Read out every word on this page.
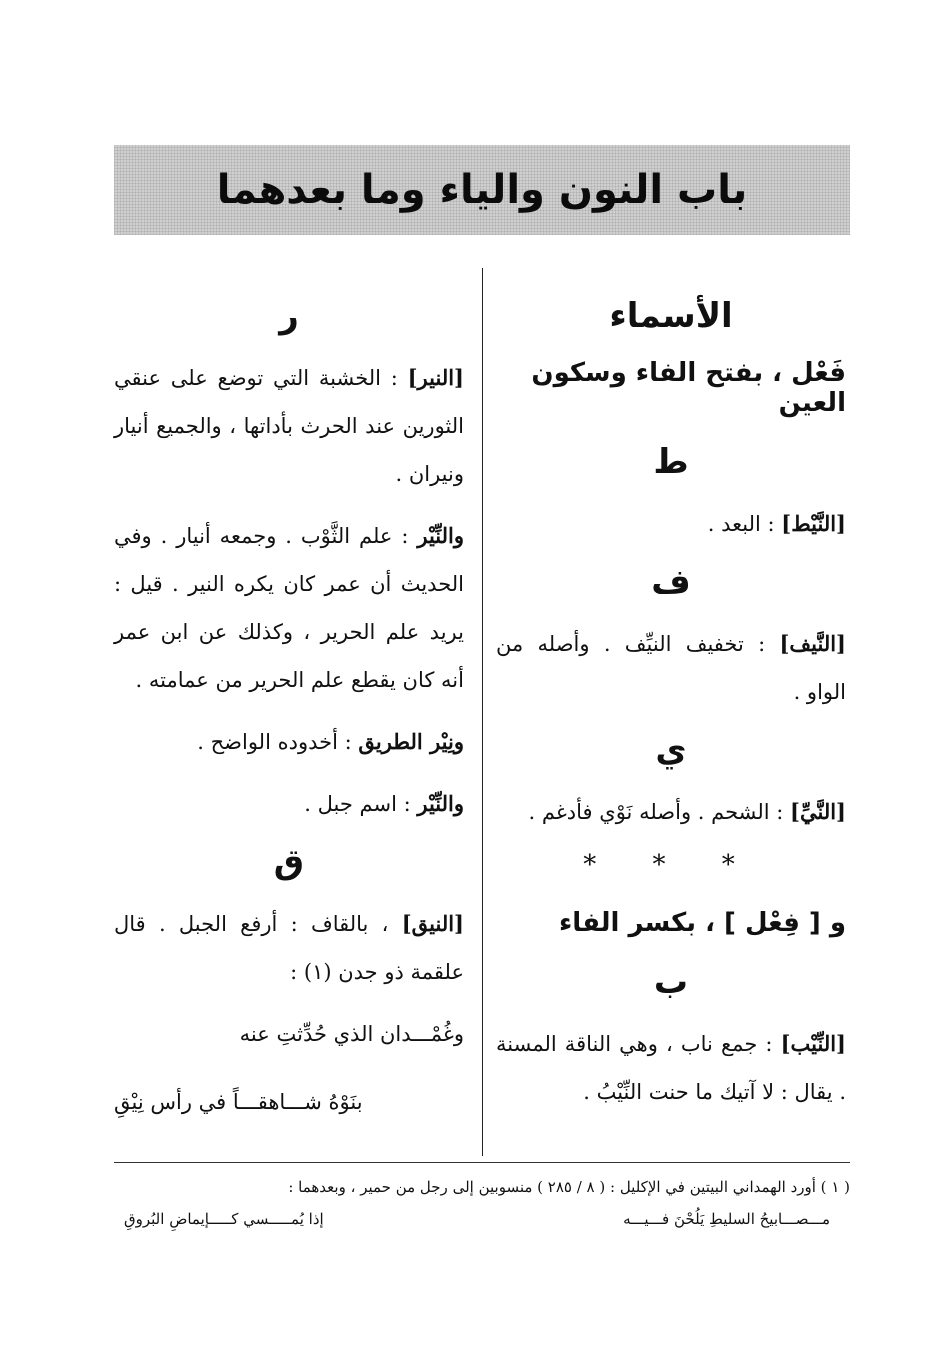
باب النون والياء وما بعدهما
الأسماء
فَعْل ، بفتح الفاء وسكون العين
ط

[النَّيْط] : البعد .

ف

[النَّيف] : تخفيف النيِّف . وأصله من الواو .

ي

[النَّيِّ] : الشحم . وأصله نَوْي فأدغم .

* * *
و [ فِعْل ] ، بكسر الفاء
ب

[النِّيْب] : جمع ناب ، وهي الناقة المسنة . يقال : لا آتيك ما حنت النِّيْبُ .

ر

[النير] : الخشبة التي توضع على عنقي الثورين عند الحرث بأداتها ، والجميع أنيار ونيران .

والنِّيْر : علم الثَّوْب . وجمعه أنيار . وفي الحديث أن عمر كان يكره النير . قيل : يريد علم الحرير ، وكذلك عن ابن عمر أنه كان يقطع علم الحرير من عمامته .

ونِيْر الطريق : أخدوده الواضح .

والنِّيْر : اسم جبل .

ق

[النيق] ، بالقاف : أرفع الجبل . قال علقمة ذو جدن (١) :

وغُمْـــدان الذي حُدِّثتِ عنه
بنَوْهُ شـــاهقـــاً في رأس نِيْقِ
( ١ ) أورد الهمداني البيتين في الإكليل : ( ٨ / ٢٨٥ ) منسوبين إلى رجل من حمير ، وبعدهما :
مـــصـــابيحُ السليطِ يَلُحْنَ فـــيـــه
إذا يُمـــــسي كـــــإيماضِ البُروقِ
